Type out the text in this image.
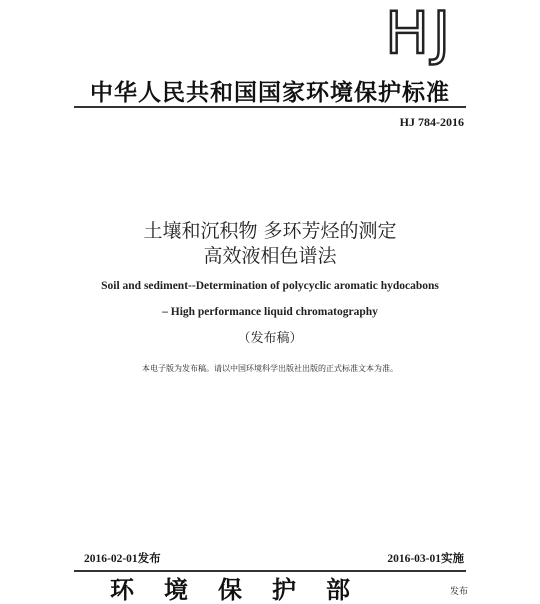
HJ
中华人民共和国国家环境保护标准
HJ 784-2016
土壤和沉积物 多环芳烃的测定
高效液相色谱法
Soil and sediment--Determination of polycyclic aromatic hydocabons
– High performance liquid chromatography
（发布稿）
本电子版为发布稿。请以中国环境科学出版社出版的正式标准文本为准。
2016-02-01发布	2016-03-01实施
环境保护部	发布
